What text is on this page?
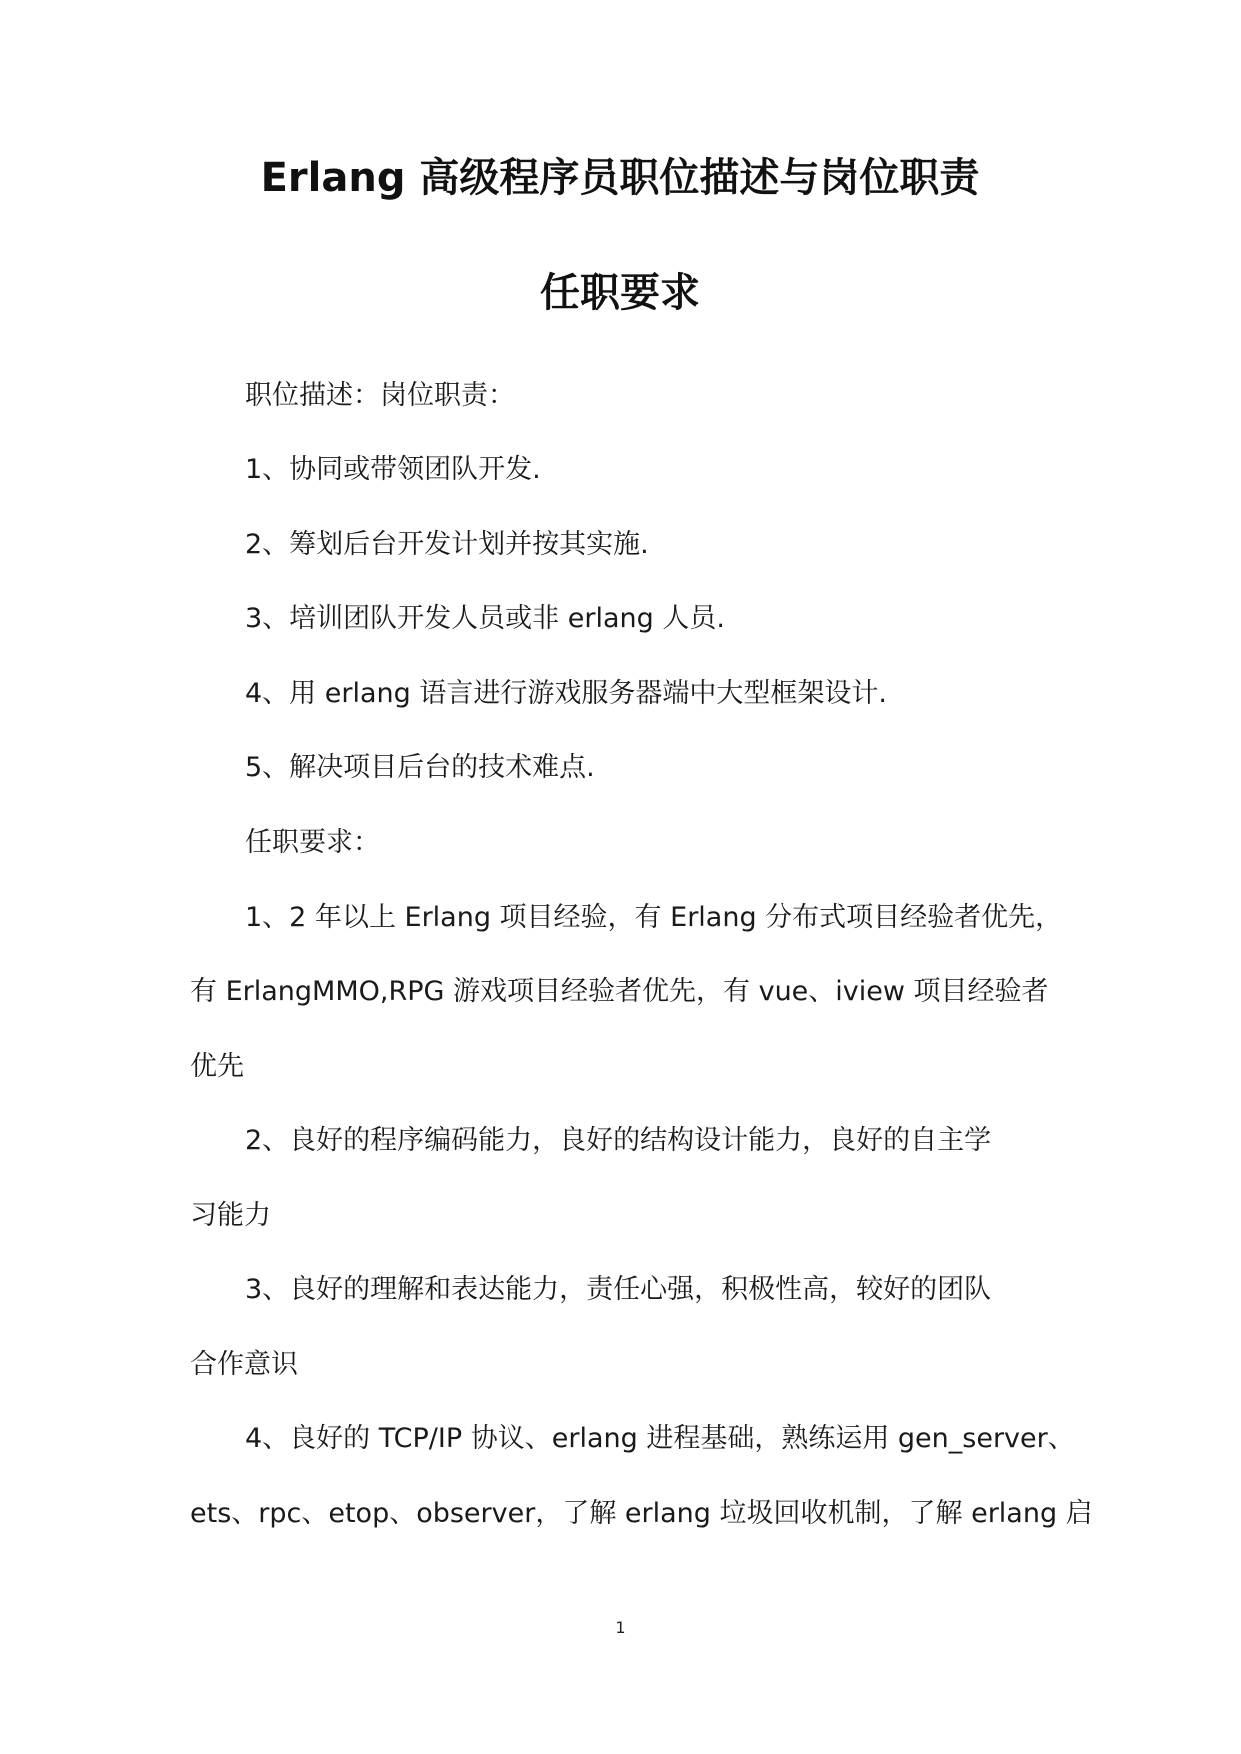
Erlang 高级程序员职位描述与岗位职责
任职要求
职位描述：岗位职责：
1、协同或带领团队开发.
2、筹划后台开发计划并按其实施.
3、培训团队开发人员或非 erlang 人员.
4、用 erlang 语言进行游戏服务器端中大型框架设计.
5、解决项目后台的技术难点.
任职要求：
1、2 年以上 Erlang 项目经验，有 Erlang 分布式项目经验者优先，
有 ErlangMMO,RPG 游戏项目经验者优先，有 vue、iview 项目经验者
优先
2、良好的程序编码能力，良好的结构设计能力，良好的自主学
习能力
3、良好的理解和表达能力，责任心强，积极性高，较好的团队
合作意识
4、良好的 TCP/IP 协议、erlang 进程基础，熟练运用 gen_server、
ets、rpc、etop、observer，了解 erlang 垃圾回收机制，了解 erlang 启
1
